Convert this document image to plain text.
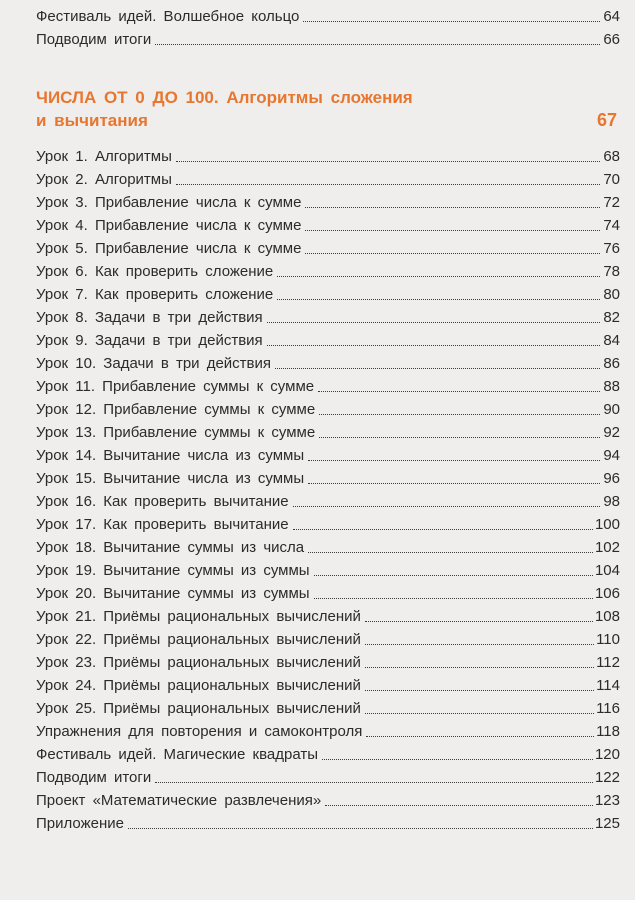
Фестиваль идей. Волшебное кольцо	64
Подводим итоги	66
ЧИСЛА ОТ 0 ДО 100. Алгоритмы сложения
и вычитания	67
Урок 1. Алгоритмы	68
Урок 2. Алгоритмы	70
Урок 3. Прибавление числа к сумме	72
Урок 4. Прибавление числа к сумме	74
Урок 5. Прибавление числа к сумме	76
Урок 6. Как проверить сложение	78
Урок 7. Как проверить сложение	80
Урок 8. Задачи в три действия	82
Урок 9. Задачи в три действия	84
Урок 10. Задачи в три действия	86
Урок 11. Прибавление суммы к сумме	88
Урок 12. Прибавление суммы к сумме	90
Урок 13. Прибавление суммы к сумме	92
Урок 14. Вычитание числа из суммы	94
Урок 15. Вычитание числа из суммы	96
Урок 16. Как проверить вычитание	98
Урок 17. Как проверить вычитание	100
Урок 18. Вычитание суммы из числа	102
Урок 19. Вычитание суммы из суммы	104
Урок 20. Вычитание суммы из суммы	106
Урок 21. Приёмы рациональных вычислений	108
Урок 22. Приёмы рациональных вычислений	110
Урок 23. Приёмы рациональных вычислений	112
Урок 24. Приёмы рациональных вычислений	114
Урок 25. Приёмы рациональных вычислений	116
Упражнения для повторения и самоконтроля	118
Фестиваль идей. Магические квадраты	120
Подводим итоги	122
Проект «Математические развлечения»	123
Приложение	125
